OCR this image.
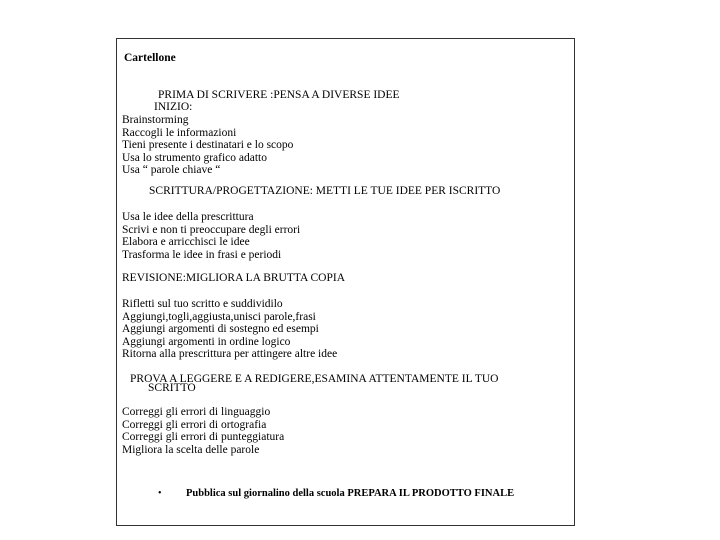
Cartellone
PRIMA DI SCRIVERE :PENSA A DIVERSE IDEE
INIZIO:
Brainstorming
Raccogli le informazioni
Tieni presente i destinatari e lo scopo
Usa lo strumento grafico adatto
Usa “ parole chiave “
SCRITTURA/PROGETTAZIONE: METTI LE TUE IDEE PER ISCRITTO
Usa le idee della prescrittura
Scrivi e non ti preoccupare degli errori
Elabora e arricchisci le idee
Trasforma le idee in frasi e periodi
REVISIONE:MIGLIORA LA BRUTTA COPIA
Rifletti sul tuo scritto e suddividilo
Aggiungi,togli,aggiusta,unisci parole,frasi
Aggiungi argomenti di sostegno ed esempi
Aggiungi argomenti in ordine logico
Ritorna alla prescrittura per attingere altre idee
PROVA A LEGGERE E A REDIGERE,ESAMINA ATTENTAMENTE IL TUO
SCRITTO
Correggi gli errori di linguaggio
Correggi gli errori di ortografia
Correggi gli errori di punteggiatura
Migliora la scelta delle parole
• Pubblica sul giornalino della scuola PREPARA IL PRODOTTO FINALE
